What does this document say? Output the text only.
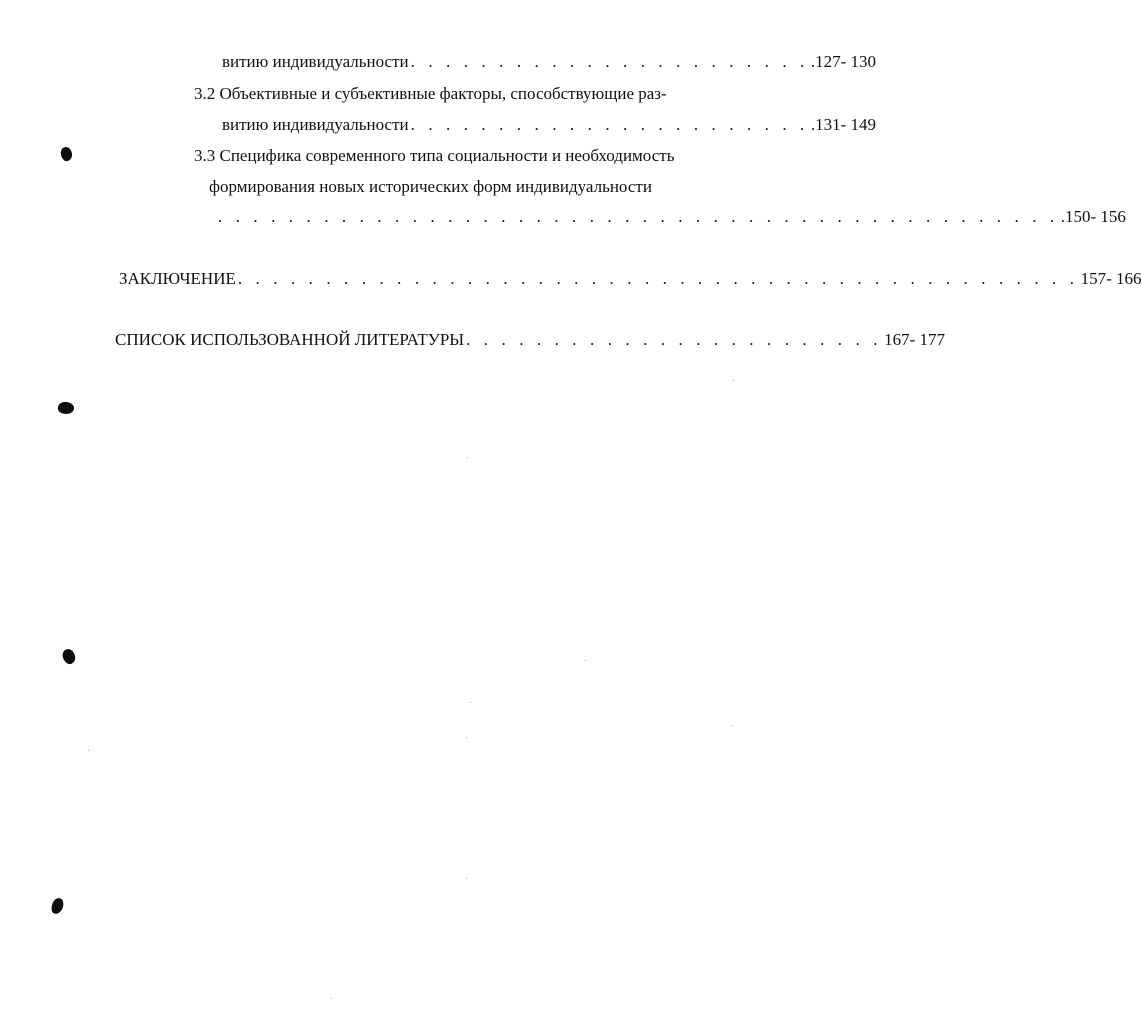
витию индивидуальности . . . . . . . . . . . . . . . . . . . . . . . .127- 130
3.2 Объективные и субъективные факторы, способствующие раз-
витию индивидуальности . . . . . . . . . . . . . . . . . . . . . . . .131- 149
3.3 Специфика современного типа социальности и необходимость
формирования новых исторических форм индивидуальности
. . . . . . . . . . . . . . . . . . . . . . . . . . . . . . . . . . . . . . . . . . . . . . . . .150- 156
ЗАКЛЮЧЕНИЕ . . . . . . . . . . . . . . . . . . . . . . . . . . . . . . . . . . . . . . . . . . . . . . . . 157- 166
СПИСОК ИСПОЛЬЗОВАННОЙ ЛИТЕРАТУРЫ . . . . . . . . . . . . . . . . . . . . . . . . 167- 177
